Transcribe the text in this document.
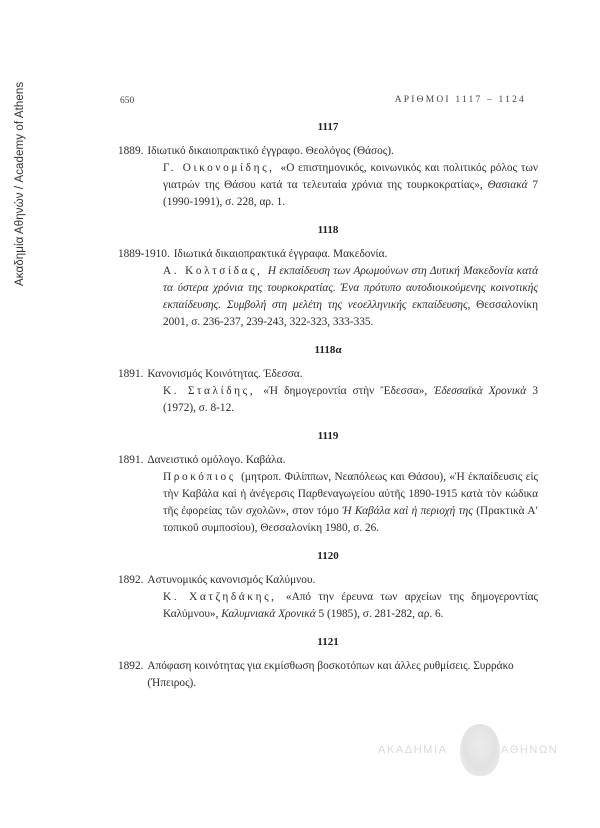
Ακαδημία Αθηνών / Academy of Athens	650	ΑΡΙΘΜΟΙ 1117 – 1124
1117
1889. Ιδιωτικό δικαιοπρακτικό έγγραφο. Θεολόγος (Θάσος).
Γ. Οικονομίδης, «Ο επιστημονικός, κοινωνικός και πολιτικός ρόλος των γιατρών της Θάσου κατά τα τελευταία χρόνια της τουρκοκρατίας», Θασιακά 7 (1990-1991), σ. 228, αρ. 1.
1118
1889-1910. Ιδιωτικά δικαιοπρακτικά έγγραφα. Μακεδονία.
Α. Κολτσίδας, Η εκπαίδευση των Αρωμούνων στη Δυτική Μακεδονία κατά τα ύστερα χρόνια της τουρκοκρατίας. Ένα πρότυπο αυτοδιοικούμενης κοινοτικής εκπαίδευσης. Συμβολή στη μελέτη της νεοελληνικής εκπαίδευσης, Θεσσαλονίκη 2001, σ. 236-237, 239-243, 322-323, 333-335.
1118α
1891. Κανονισμός Κοινότητας. Έδεσσα.
Κ. Σταλίδης, «Ή δημογεροντία στὴν Ἔδεσσα», Ἐδεσσαϊκὰ Χρονικὰ 3 (1972), σ. 8-12.
1119
1891. Δανειστικό ομόλογο. Καβάλα.
Προκόπιος (μητροπ. Φιλίππων, Νεαπόλεως και Θάσου), «Ἡ ἐκπαίδευσις εἰς τὴν Καβάλα καὶ ἡ ἀνέγερσις Παρθεναγωγείου αὐτῆς 1890-1915 κατὰ τὸν κώδικα τῆς ἐφορείας τῶν σχολῶν», στον τόμο Ἡ Καβάλα καὶ ἡ περιοχή της (Πρακτικὰ Α′ τοπικοῦ συμποσίου), Θεσσαλονίκη 1980, σ. 26.
1120
1892. Αστυνομικός κανονισμός Καλύμνου.
Κ. Χατζηδάκης, «Από την έρευνα των αρχείων της δημογεροντίας Καλύμνου», Καλυμνιακά Χρονικά 5 (1985), σ. 281-282, αρ. 6.
1121
1892. Απόφαση κοινότητας για εκμίσθωση βοσκοτόπων και άλλες ρυθμίσεις. Συρράκο (Ήπειρος).
ΑΚΑΔΗΜΙΑ	ΑΘΗΝΩΝ
